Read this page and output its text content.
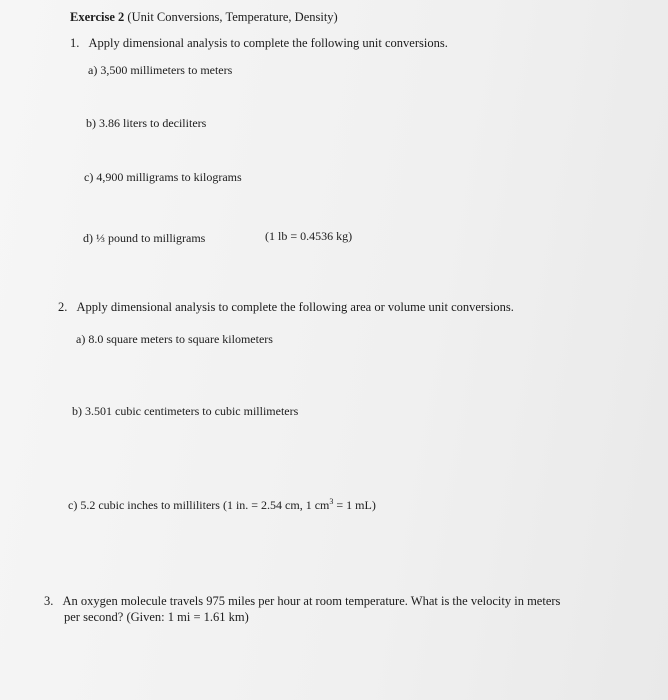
Exercise 2 (Unit Conversions, Temperature, Density)
1. Apply dimensional analysis to complete the following unit conversions.
a) 3,500 millimeters to meters
b) 3.86 liters to deciliters
c) 4,900 milligrams to kilograms
d) ⅓ pound to milligrams	(1 lb = 0.4536 kg)
2. Apply dimensional analysis to complete the following area or volume unit conversions.
a) 8.0 square meters to square kilometers
b) 3.501 cubic centimeters to cubic millimeters
c) 5.2 cubic inches to milliliters (1 in. = 2.54 cm, 1 $cm^3 = 1$ mL)
3. An oxygen molecule travels 975 miles per hour at room temperature. What is the velocity in meters
per second? (Given: 1 mi = 1.61 km)
